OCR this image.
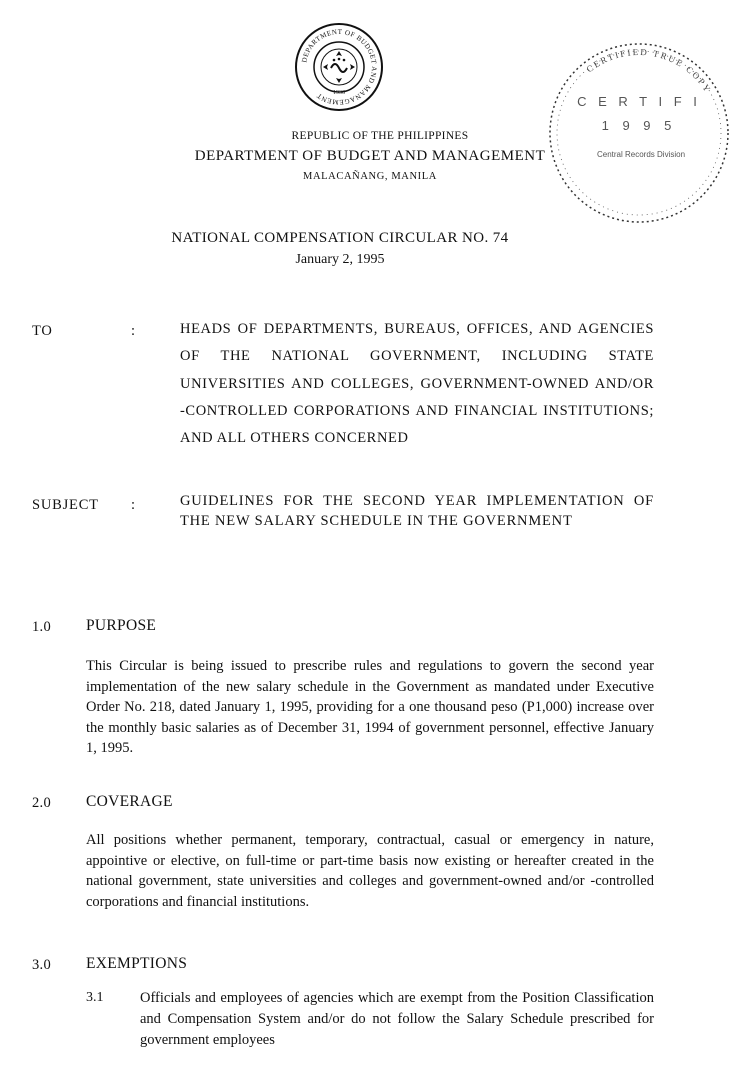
DEPARTMENT OF BUDGET AND MANAGEMENT	1936
CERTIFIED TRUE COPY
C E R T I F I
1 9 9 5
Central Records Division
REPUBLIC OF THE PHILIPPINES
DEPARTMENT OF BUDGET AND MANAGEMENT
MALACAÑANG, MANILA
NATIONAL COMPENSATION CIRCULAR NO. 74
January 2, 1995
TO	:	HEADS OF DEPARTMENTS, BUREAUS, OFFICES, AND AGENCIES OF THE NATIONAL GOVERNMENT, INCLUDING STATE UNIVERSITIES AND COLLEGES, GOVERNMENT-OWNED AND/OR -CONTROLLED CORPORATIONS AND FINANCIAL INSTITUTIONS; AND ALL OTHERS CONCERNED
SUBJECT :	GUIDELINES FOR THE SECOND YEAR IMPLEMENTATION OF THE NEW SALARY SCHEDULE IN THE GOVERNMENT
1.0 PURPOSE
This Circular is being issued to prescribe rules and regulations to govern the second year implementation of the new salary schedule in the Government as mandated under Executive Order No. 218, dated January 1, 1995, providing for a one thousand peso (P1,000) increase over the monthly basic salaries as of December 31, 1994 of government personnel, effective January 1, 1995.
2.0 COVERAGE
All positions whether permanent, temporary, contractual, casual or emergency in nature, appointive or elective, on full-time or part-time basis now existing or hereafter created in the national government, state universities and colleges and government-owned and/or -controlled corporations and financial institutions.
3.0 EXEMPTIONS
3.1	Officials and employees of agencies which are exempt from the Position Classification and Compensation System and/or do not follow the Salary Schedule prescribed for government employees
